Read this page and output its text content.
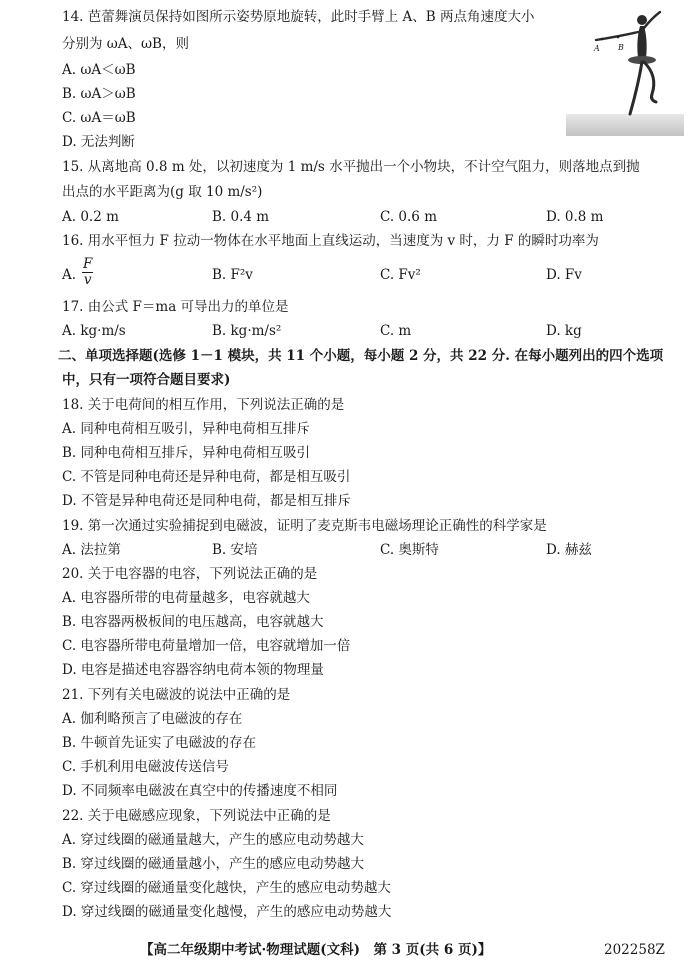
14. 芭蕾舞演员保持如图所示姿势原地旋转，此时手臂上 A、B 两点角速度大小
分别为 ωA、ωB，则
A. ωA＜ωB
B. ωA＞ωB
C. ωA＝ωB
D. 无法判断
A B
15. 从离地高 0.8 m 处，以初速度为 1 m/s 水平抛出一个小物块，不计空气阻力，则落地点到抛
出点的水平距离为(g 取 10 m/s²)
A. 0.2 m	B. 0.4 m	C. 0.6 m	D. 0.8 m
16. 用水平恒力 F 拉动一物体在水平地面上直线运动，当速度为 v 时，力 F 的瞬时功率为
A. $\frac{F}{v}$	B. F²v	C. Fv²	D. Fv
17. 由公式 F＝ma 可导出力的单位是
A. kg·m/s	B. kg·m/s²	C. m	D. kg
二、单项选择题(选修 1－1 模块，共 11 个小题，每小题 2 分，共 22 分. 在每小题列出的四个选项
中，只有一项符合题目要求)
18. 关于电荷间的相互作用，下列说法正确的是
A. 同种电荷相互吸引，异种电荷相互排斥
B. 同种电荷相互排斥，异种电荷相互吸引
C. 不管是同种电荷还是异种电荷，都是相互吸引
D. 不管是异种电荷还是同种电荷，都是相互排斥
19. 第一次通过实验捕捉到电磁波，证明了麦克斯韦电磁场理论正确性的科学家是
A. 法拉第	B. 安培	C. 奥斯特	D. 赫兹
20. 关于电容器的电容，下列说法正确的是
A. 电容器所带的电荷量越多，电容就越大
B. 电容器两极板间的电压越高，电容就越大
C. 电容器所带电荷量增加一倍，电容就增加一倍
D. 电容是描述电容器容纳电荷本领的物理量
21. 下列有关电磁波的说法中正确的是
A. 伽利略预言了电磁波的存在
B. 牛顿首先证实了电磁波的存在
C. 手机利用电磁波传送信号
D. 不同频率电磁波在真空中的传播速度不相同
22. 关于电磁感应现象，下列说法中正确的是
A. 穿过线圈的磁通量越大，产生的感应电动势越大
B. 穿过线圈的磁通量越小，产生的感应电动势越大
C. 穿过线圈的磁通量变化越快，产生的感应电动势越大
D. 穿过线圈的磁通量变化越慢，产生的感应电动势越大
【高二年级期中考试·物理试题(文科)　第 3 页(共 6 页)】	202258Z
